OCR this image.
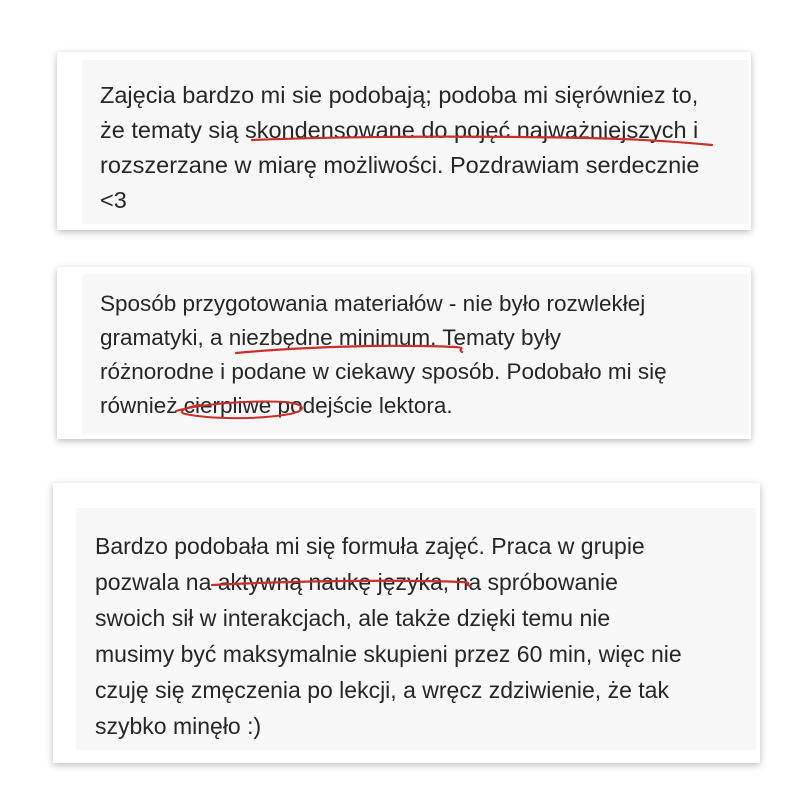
Zajęcia bardzo mi sie podobają; podoba mi sięrówniez to,
że tematy sią skondensowane do pojęć najważniejszych i
rozszerzane w miarę możliwości. Pozdrawiam serdecznie
<3
Sposób przygotowania materiałów - nie było rozwlekłej
gramatyki, a niezbędne minimum. Tematy były
różnorodne i podane w ciekawy sposób. Podobało mi się
również cierpliwe podejście lektora.
Bardzo podobała mi się formuła zajęć. Praca w grupie
pozwala na aktywną naukę języka, na spróbowanie
swoich sił w interakcjach, ale także dzięki temu nie
musimy być maksymalnie skupieni przez 60 min, więc nie
czuję się zmęczenia po lekcji, a wręcz zdziwienie, że tak
szybko minęło :)
